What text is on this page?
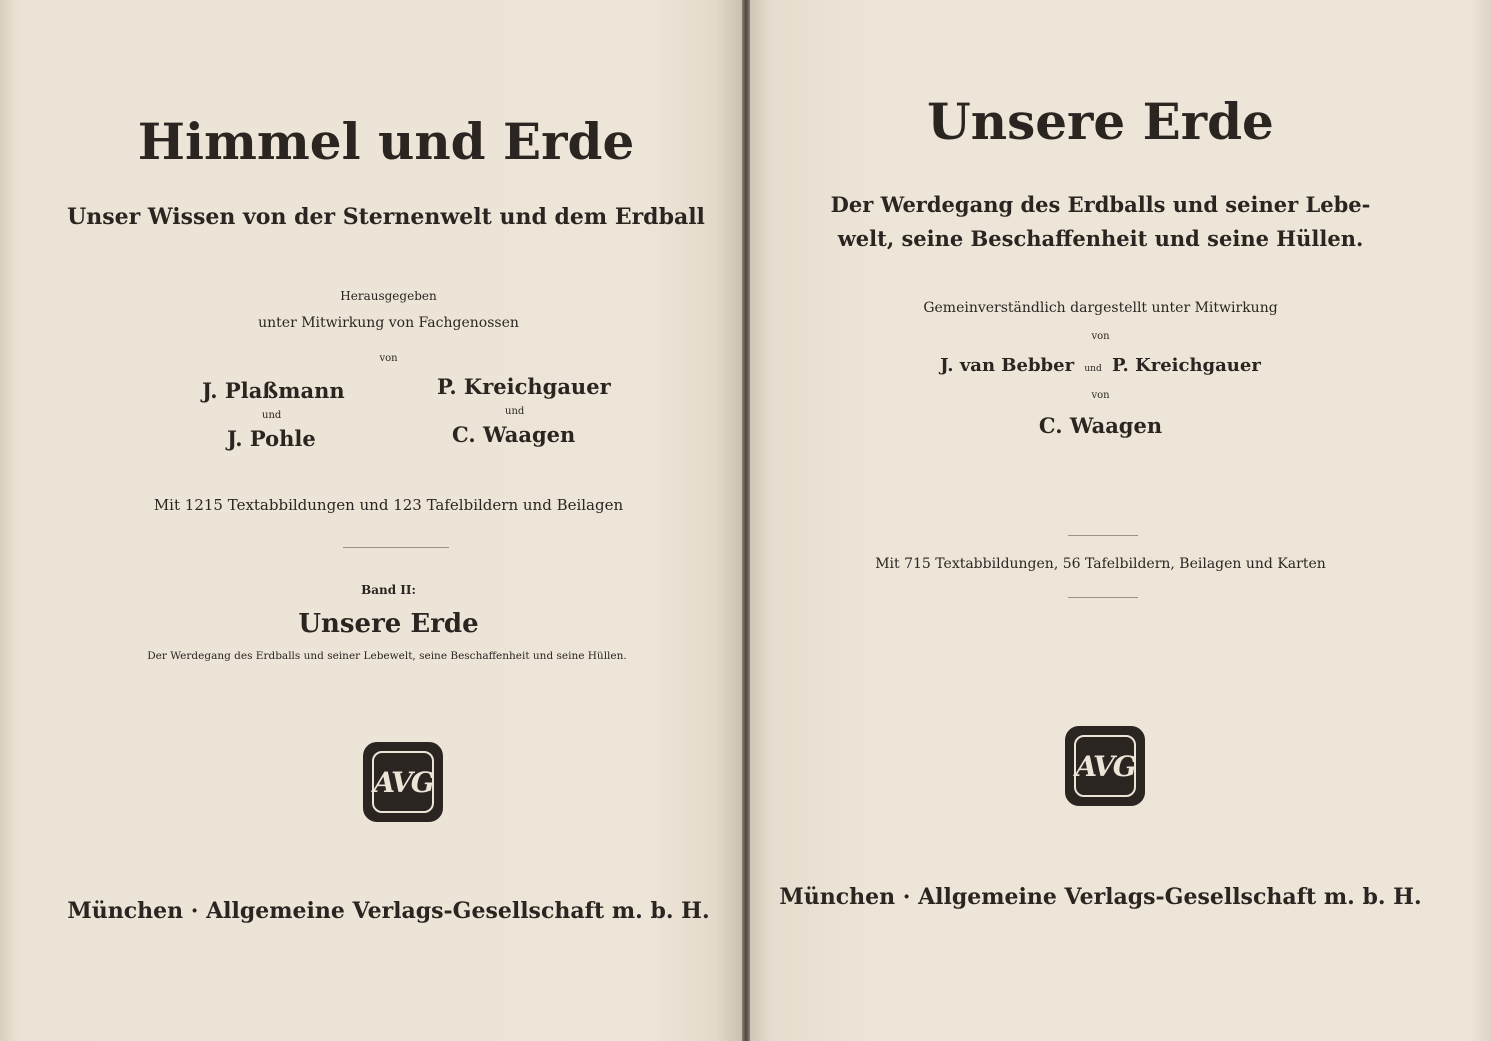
Himmel und Erde
Unser Wissen von der Sternenwelt und dem Erdball
Herausgegeben
unter Mitwirkung von Fachgenossen
von
J. Plaßmann
und
J. Pohle
P. Kreichgauer
und
C. Waagen
Mit 1215 Textabbildungen und 123 Tafelbildern und Beilagen
Band II:
Unsere Erde
Der Werdegang des Erdballs und seiner Lebewelt, seine Beschaffenheit und seine Hüllen.
AVG
München · Allgemeine Verlags-Gesellschaft m. b. H.
Unsere Erde
Der Werdegang des Erdballs und seiner Lebe-
welt, seine Beschaffenheit und seine Hüllen.
Gemeinverständlich dargestellt unter Mitwirkung
von
J. van Bebber und P. Kreichgauer
von
C. Waagen
Mit 715 Textabbildungen, 56 Tafelbildern, Beilagen und Karten
AVG
München · Allgemeine Verlags-Gesellschaft m. b. H.
